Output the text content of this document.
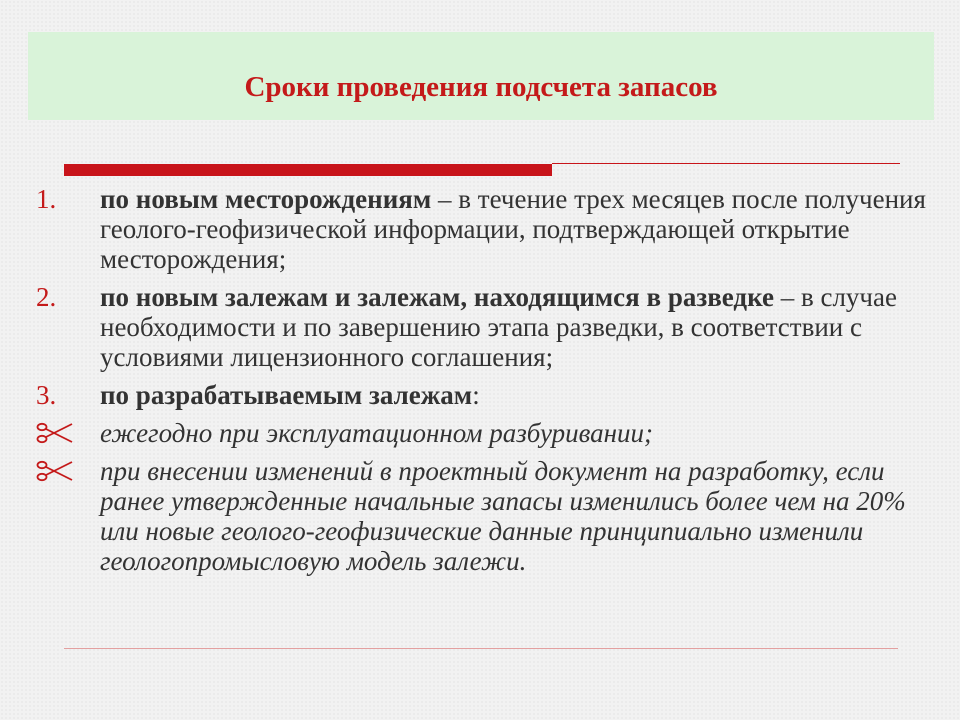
Сроки проведения подсчета запасов
1. по новым месторождениям – в течение трех месяцев после получения геолого-геофизической информации, подтверждающей открытие месторождения;
2. по новым залежам и залежам, находящимся в разведке – в случае необходимости и по завершению этапа разведки, в соответствии с условиями лицензионного соглашения;
3. по разрабатываемым залежам:
ежегодно при эксплуатационном разбуривании;
при внесении изменений в проектный документ на разработку, если ранее утвержденные начальные запасы изменились более чем на 20% или новые геолого-геофизические данные принципиально изменили геологопромысловую модель залежи.
